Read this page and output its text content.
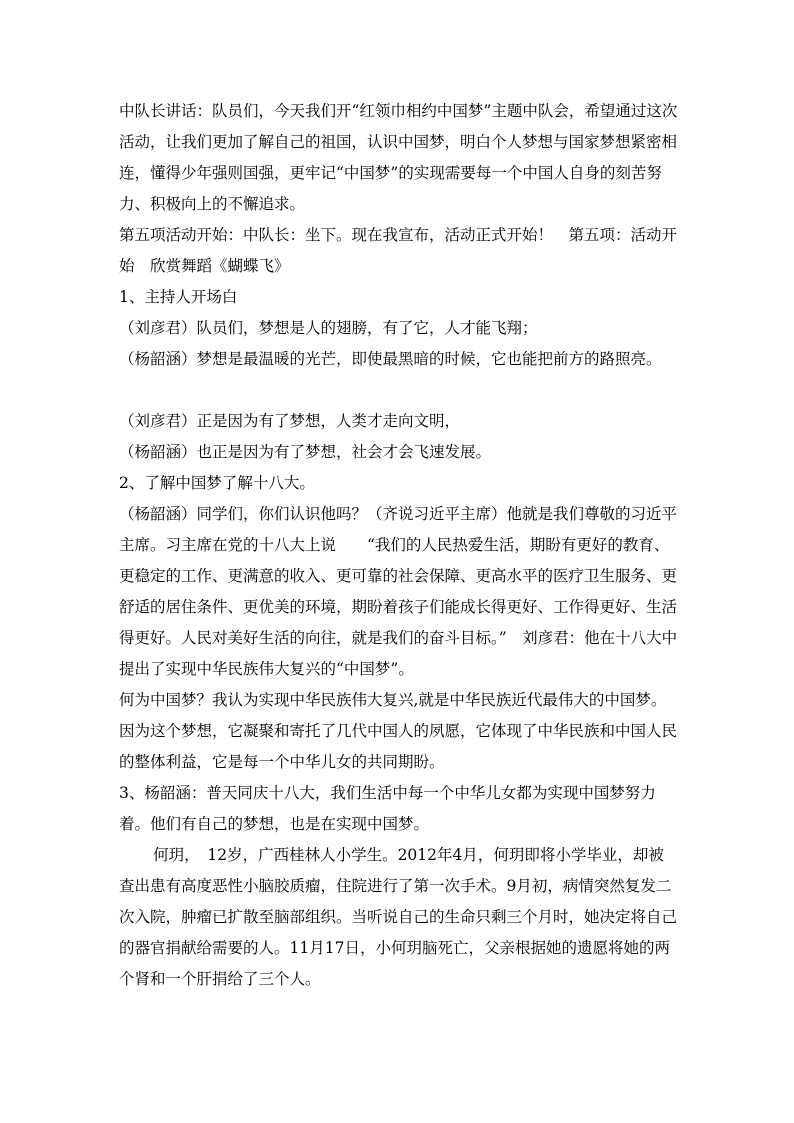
中队长讲话：队员们，今天我们开“红领巾相约中国梦”主题中队会，希望通过这次活动，让我们更加了解自己的祖国，认识中国梦，明白个人梦想与国家梦想紧密相连，懂得少年强则国强，更牢记“中国梦”的实现需要每一个中国人自身的刻苦努力、积极向上的不懈追求。

第五项活动开始：中队长：坐下。现在我宣布，活动正式开始！　第五项：活动开始　欣赏舞蹈《蝴蝶飞》

1、主持人开场白

（刘彦君）队员们，梦想是人的翅膀，有了它，人才能飞翔；

（杨韶涵）梦想是最温暖的光芒，即使最黑暗的时候，它也能把前方的路照亮。

（刘彦君）正是因为有了梦想，人类才走向文明，

（杨韶涵）也正是因为有了梦想，社会才会飞速发展。

2、了解中国梦了解十八大。

（杨韶涵）同学们，你们认识他吗？（齐说习近平主席）他就是我们尊敬的习近平主席。习主席在党的十八大上说　　“我们的人民热爱生活，期盼有更好的教育、更稳定的工作、更满意的收入、更可靠的社会保障、更高水平的医疗卫生服务、更舒适的居住条件、更优美的环境，期盼着孩子们能成长得更好、工作得更好、生活得更好。人民对美好生活的向往，就是我们的奋斗目标。”　刘彦君：他在十八大中提出了实现中华民族伟大复兴的“中国梦”。

何为中国梦？我认为实现中华民族伟大复兴,就是中华民族近代最伟大的中国梦。因为这个梦想，它凝聚和寄托了几代中国人的夙愿，它体现了中华民族和中国人民的整体利益，它是每一个中华儿女的共同期盼。

3、杨韶涵：普天同庆十八大，我们生活中每一个中华儿女都为实现中国梦努力着。他们有自己的梦想，也是在实现中国梦。

何玥，　12岁，广西桂林人小学生。2012年4月，何玥即将小学毕业，却被查出患有高度恶性小脑胶质瘤，住院进行了第一次手术。9月初，病情突然复发二次入院，肿瘤已扩散至脑部组织。当听说自己的生命只剩三个月时，她决定将自己的器官捐献给需要的人。11月17日，小何玥脑死亡，父亲根据她的遗愿将她的两个肾和一个肝捐给了三个人。
